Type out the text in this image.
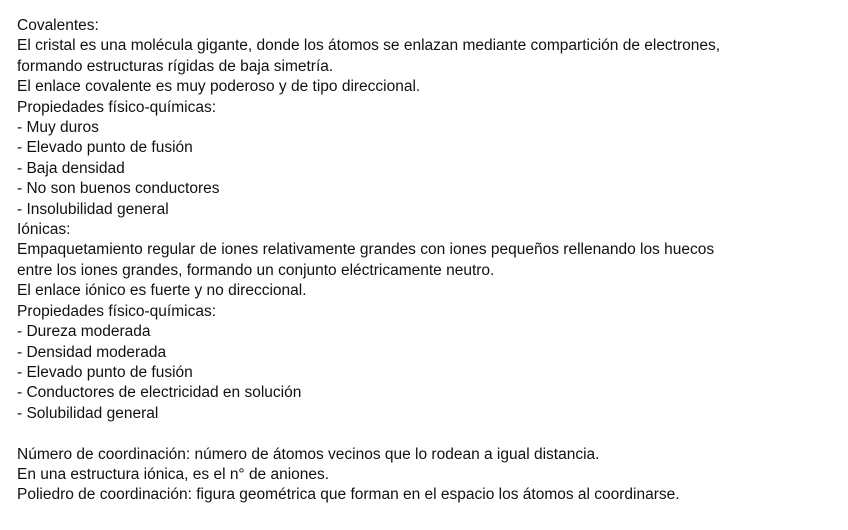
Covalentes:
El cristal es una molécula gigante, donde los átomos se enlazan mediante compartición de electrones,
formando estructuras rígidas de baja simetría.
El enlace covalente es muy poderoso y de tipo direccional.
Propiedades físico-químicas:
- Muy duros
- Elevado punto de fusión
- Baja densidad
- No son buenos conductores
- Insolubilidad general
Iónicas:
Empaquetamiento regular de iones relativamente grandes con iones pequeños rellenando los huecos
entre los iones grandes, formando un conjunto eléctricamente neutro.
El enlace iónico es fuerte y no direccional.
Propiedades físico-químicas:
- Dureza moderada
- Densidad moderada
- Elevado punto de fusión
- Conductores de electricidad en solución
- Solubilidad general
Número de coordinación: número de átomos vecinos que lo rodean a igual distancia.
En una estructura iónica, es el n° de aniones.
Poliedro de coordinación: figura geométrica que forman en el espacio los átomos al coordinarse.
